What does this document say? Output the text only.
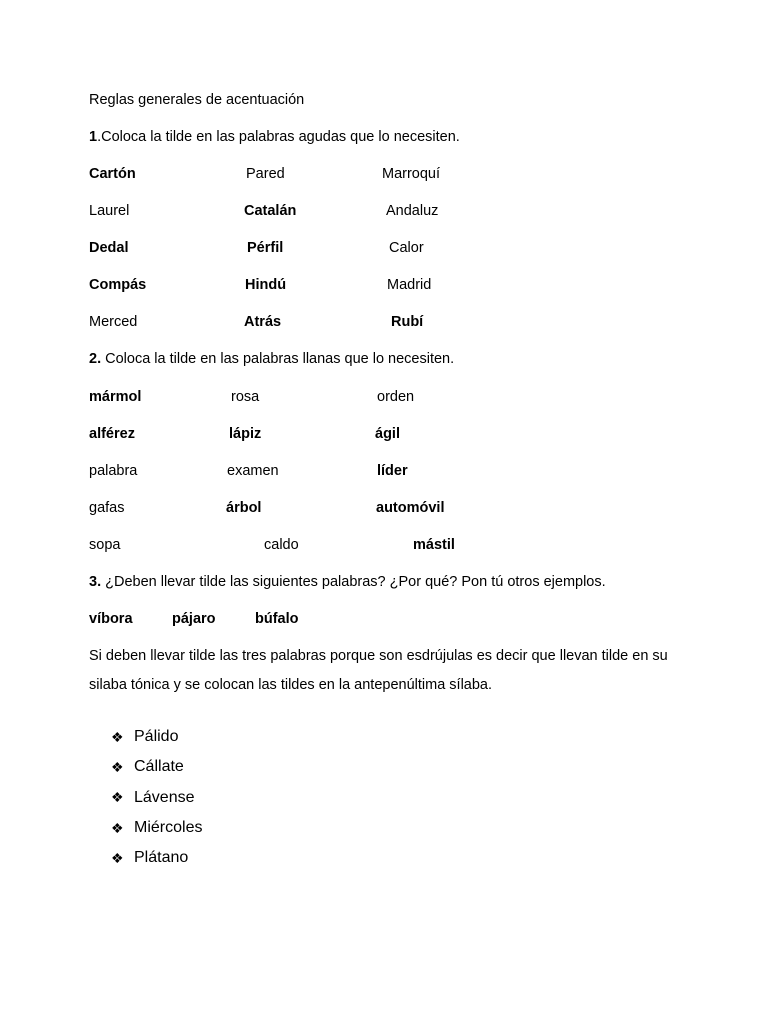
Reglas generales de acentuación
1.Coloca la tilde en las palabras agudas que lo necesiten.
Cartón	Pared	Marroquí
Laurel	Catalán	Andaluz
Dedal	Pérfil	Calor
Compás	Hindú	Madrid
Merced	Atrás	Rubí
2. Coloca la tilde en las palabras llanas que lo necesiten.
mármol	rosa	orden
alférez	lápiz	ágil
palabra	examen	líder
gafas	árbol	automóvil
sopa	caldo	mástil
3. ¿Deben llevar tilde las siguientes palabras? ¿Por qué? Pon tú otros ejemplos.
víbora	pájaro	búfalo
Si deben llevar tilde las tres palabras porque son esdrújulas es decir que llevan tilde en su silaba tónica y se colocan las tildes en la antepenúltima sílaba.
❖ Pálido
❖ Cállate
❖ Lávense
❖ Miércoles
❖ Plátano
